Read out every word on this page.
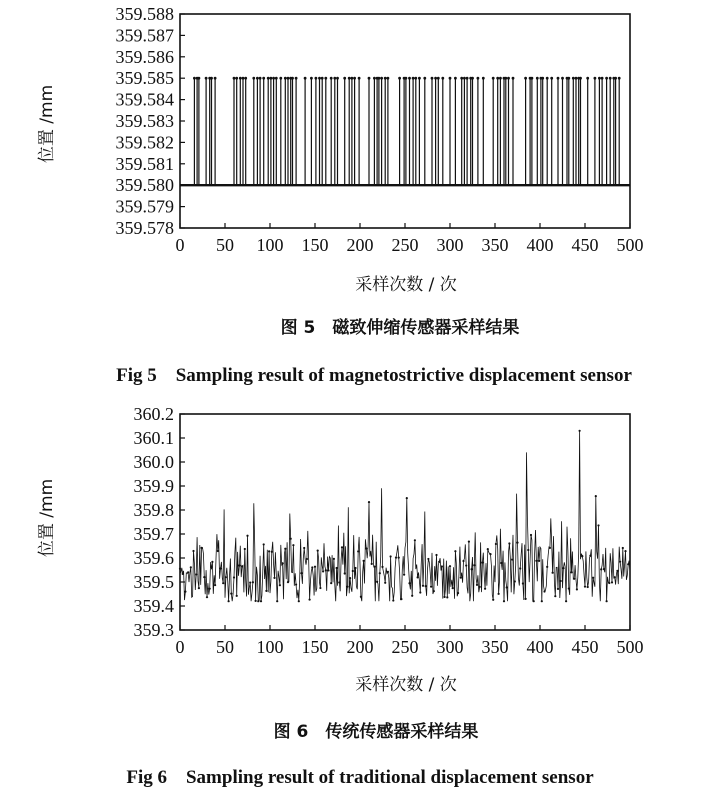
359.588
359.587
359.586
359.585
359.584
359.583
359.582
359.581
359.580
359.579
359.578
0 50 100 150 200 250 300 350 400 450 500
采样次数 / 次
位置 /mm
图 5　磁致伸缩传感器采样结果
Fig 5　Sampling result of magnetostrictive displacement sensor
360.2
360.1
360.0
359.9
359.8
359.7
359.6
359.5
359.4
359.3
0 50 100 150 200 250 300 350 400 450 500
采样次数 / 次
位置 /mm
图 6　传统传感器采样结果
Fig 6　Sampling result of traditional displacement sensor
